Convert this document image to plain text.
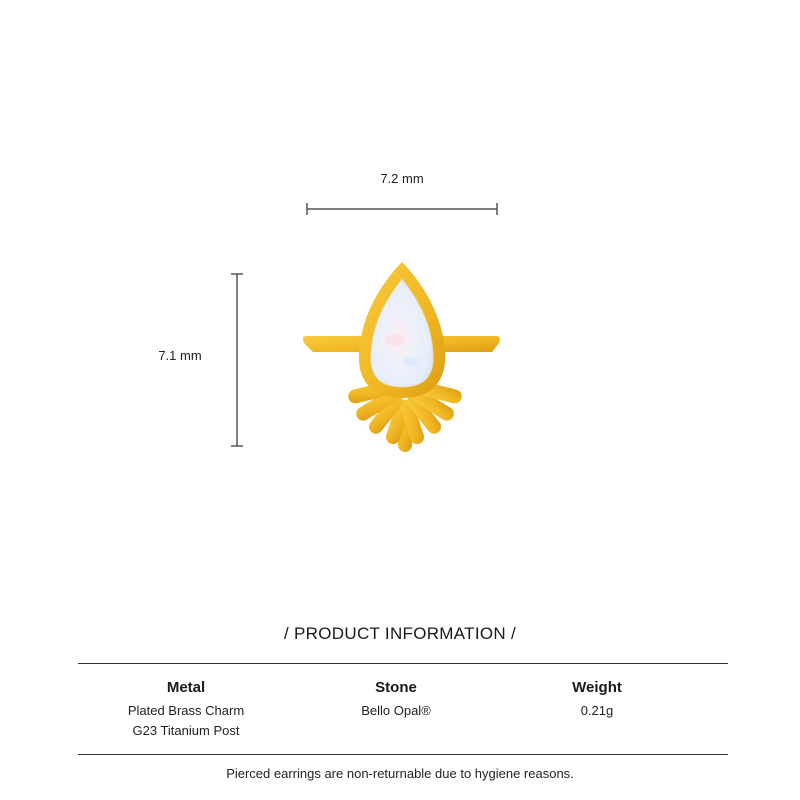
7.2 mm
7.1 mm
/ PRODUCT INFORMATION /
Metal
Plated Brass Charm
G23 Titanium Post
Stone
Bello Opal®
Weight
0.21g
Pierced earrings are non-returnable due to hygiene reasons.
